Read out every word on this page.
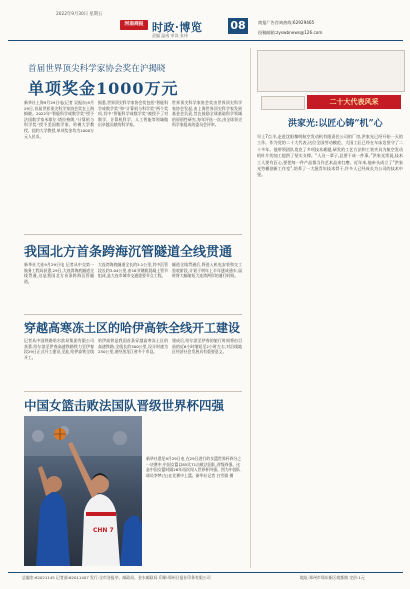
2022年9月30日 星期五
河南商报 时政·博览
责编 温彧 审读 张伟
08	商报广告咨询热线:62929465
投稿邮箱:zyswbnews@126.com
首届世界顶尖科学家协会奖在沪揭晓
单项奖金1000万元
新华社上海9月29日电(记者 吴振东)9月29日,首届世界顶尖科学家协会奖在上海揭晓。2022年“智能科学或数学奖”授予法国数学家米歇尔·塔拉格朗,“计算机与科学奖”授予美国数学家、哈佛大学教授、纽约大学教授,单项奖金均为1000万元人民币。
据悉,世界顶尖科学家协会奖包括“智能科学或数学奖”和“计算机与科学奖”两个奖项,其中“智能科学或数学奖”被授予了对数学、计算机科学、人工智能等领域做出卓越贡献的科学家。
世界顶尖科学家协会奖由世界顶尖科学家协会发起,由上海世界顶尖科学家发展基金会负责,旨在鼓励全球基础科学领域的原创性研究,每年评选一次,由全球顶尖科学家组成的委员会评审。
我国北方首条跨海沉管隧道全线贯通
新华社大连9月29日电 记者从中交第一航务工程局获悉,29日,大连湾海底隧道全线贯通,这是我国北方首条跨海沉管隧道。
大连湾海底隧道全长约5.1公里,其中沉管段长约3.04公里,由18节钢筋混凝土管节组成,是大连市城市交通重要节点工程。
隧道全线贯通后,将进入机电安装和交工验收阶段,计划于明年上半年建成通车,届时将大幅缩短大连湾两岸的通行时间。
穿越高寒冻土区的哈伊高铁全线开工建设
记者从中国铁路哈尔滨局集团有限公司获悉,哈尔滨至伊春高速铁路铁力至伊春段29日正式开工建设,至此,哈伊高铁全线开工。
哈伊高铁是我国首条穿越高寒冻土区的高速铁路,全线长约300公里,设计时速为250公里,途经黑龙江省多个市县。
建成后,哈尔滨至伊春的旅行时间将由目前的近6小时缩短至2小时左右,对沿线地区经济社会发展具有重要意义。
中国女篮击败法国队晋级世界杯四强
CHN 7
新华社悉尼9月29日电 在29日进行的女篮世界杯四分之一决赛中,中国女篮以85比71击败法国队,晋级四强。这是中国女篮时隔28年再次闯入世界杯四强。图为中国队球员李梦(左)在比赛中上篮。新华社记者 白雪骐 摄
二十大代表风采
洪家光:以匠心铸“机”心
早上7点半,走进沈阳黎明航空发动机有限责任公司的厂房,洪家光已经开始一天的工作。作为党的二十大代表,这位全国劳动模范、大国工匠已经在车床边坚守了二十多年。他带领团队攻克了多项技术难题,研发的工艺方法和工装夹具为航空发动机叶片的加工提供了坚实支撑。“人这一辈子,总要干成一件事。”洪家光常说,技术工人要有匠心,要把每一件产品都当作艺术品来打磨。近年来,他牵头成立了“洪家光劳模创新工作室”,培养了一大批青年技术骨干,许多人已经成长为公司的技术中坚。
总编室:62021145 记者部:62011407 发行:全市各报亭、邮政局、金水邮政局 印刷:郑州日报社印务有限公司	地址:郑州市郑东新区商都路 定价:1元
